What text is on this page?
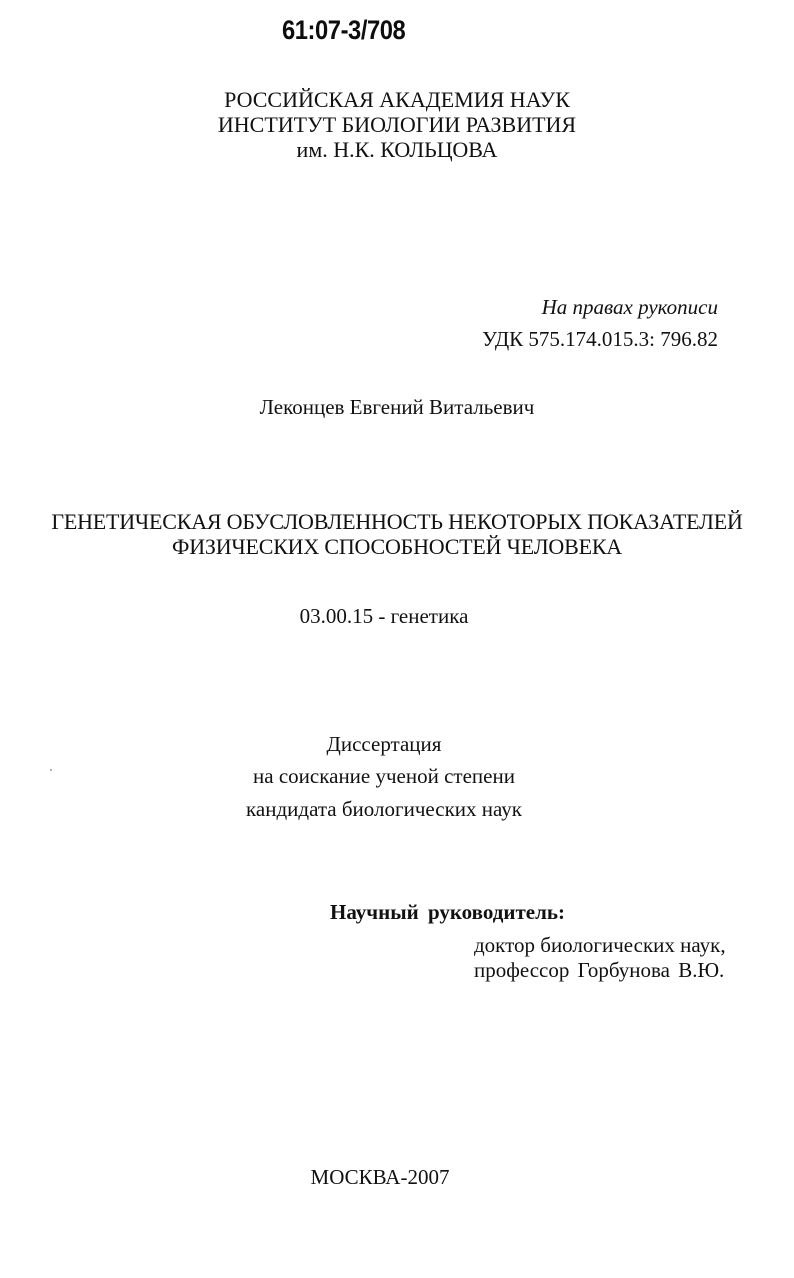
61:07-3/708
РОССИЙСКАЯ АКАДЕМИЯ НАУК
ИНСТИТУТ БИОЛОГИИ РАЗВИТИЯ
им. Н.К. КОЛЬЦОВА
На правах рукописи
УДК 575.174.015.3: 796.82
Леконцев Евгений Витальевич
ГЕНЕТИЧЕСКАЯ ОБУСЛОВЛЕННОСТЬ НЕКОТОРЫХ ПОКАЗАТЕЛЕЙ
ФИЗИЧЕСКИХ СПОСОБНОСТЕЙ ЧЕЛОВЕКА
03.00.15 - генетика
Диссертация
на соискание ученой степени
кандидата биологических наук
Научный руководитель:
доктор биологических наук,
профессор Горбунова В.Ю.
МОСКВА-2007
